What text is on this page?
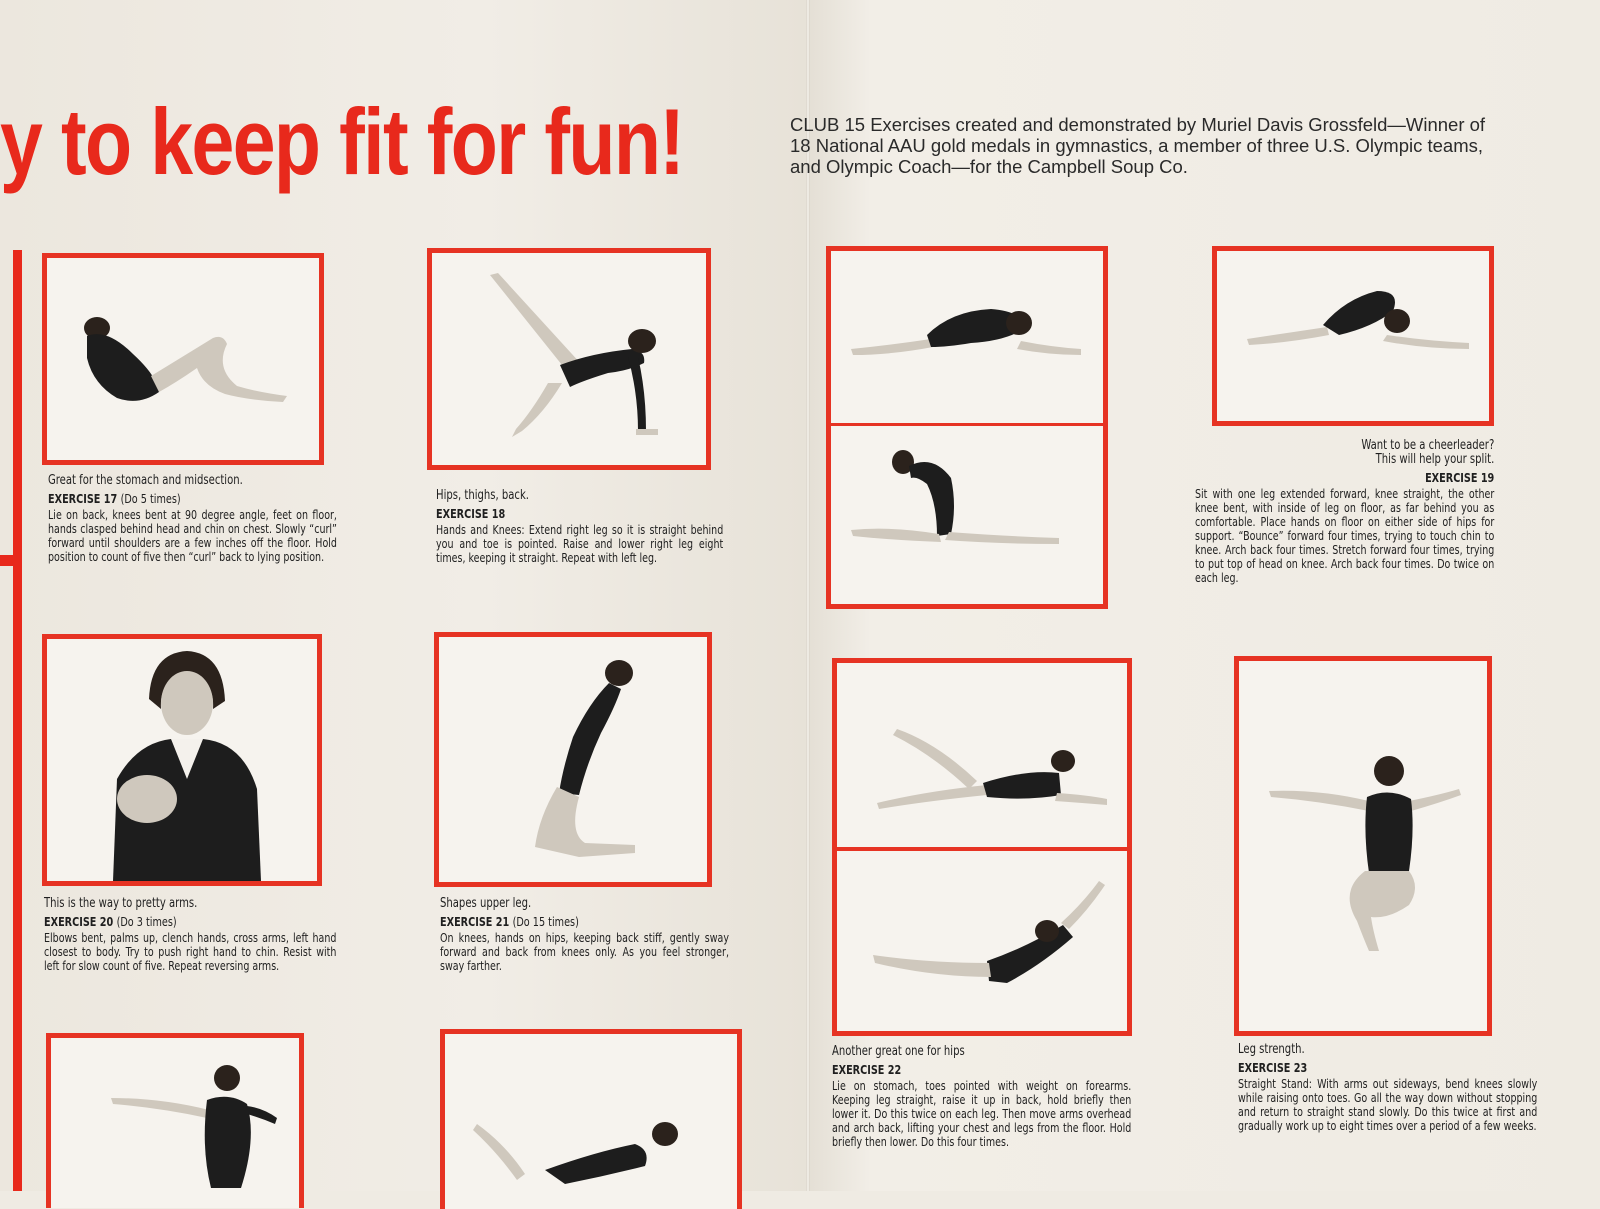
y to keep fit for fun!	CLUB 15 Exercises created and demonstrated by Muriel Davis Grossfeld—Winner of 18 National AAU gold medals in gymnastics, a member of three U.S. Olympic teams, and Olympic Coach—for the Campbell Soup Co.

Great for the stomach and midsection.

EXERCISE 17 (Do 5 times)

Lie on back, knees bent at 90 degree angle, feet on floor, hands clasped behind head and chin on chest. Slowly “curl” forward until shoulders are a few inches off the floor. Hold position to count of five then “curl” back to lying position.

Hips, thighs, back.

EXERCISE 18

Hands and Knees: Extend right leg so it is straight behind you and toe is pointed. Raise and lower right leg eight times, keeping it straight. Repeat with left leg.

Want to be a cheerleader?

This will help your split.

EXERCISE 19

Sit with one leg extended forward, knee straight, the other knee bent, with inside of leg on floor, as far behind you as comfortable. Place hands on floor on either side of hips for support. “Bounce” forward four times, trying to touch chin to knee. Arch back four times. Stretch forward four times, trying to put top of head on knee. Arch back four times. Do twice on each leg.

This is the way to pretty arms.

EXERCISE 20 (Do 3 times)

Elbows bent, palms up, clench hands, cross arms, left hand closest to body. Try to push right hand to chin. Resist with left for slow count of five. Repeat reversing arms.

Shapes upper leg.

EXERCISE 21 (Do 15 times)

On knees, hands on hips, keeping back stiff, gently sway forward and back from knees only. As you feel stronger, sway farther.

Another great one for hips

EXERCISE 22

Lie on stomach, toes pointed with weight on forearms. Keeping leg straight, raise it up in back, hold briefly then lower it. Do this twice on each leg. Then move arms overhead and arch back, lifting your chest and legs from the floor. Hold briefly then lower. Do this four times.

Leg strength.

EXERCISE 23

Straight Stand: With arms out sideways, bend knees slowly while raising onto toes. Go all the way down without stopping and return to straight stand slowly. Do this twice at first and gradually work up to eight times over a period of a few weeks.
